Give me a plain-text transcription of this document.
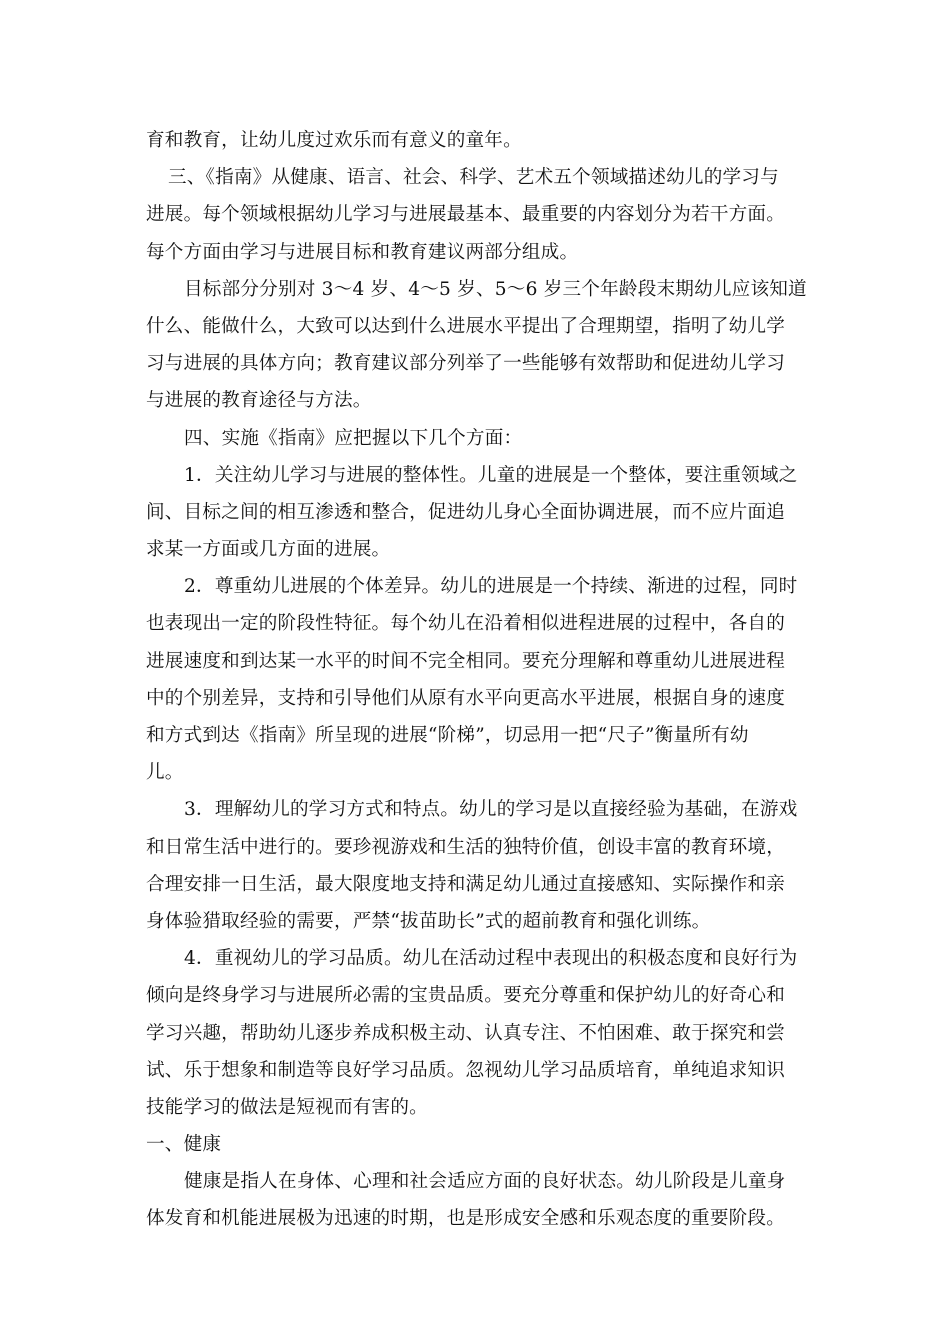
育和教育，让幼儿度过欢乐而有意义的童年。
三、《指南》从健康、语言、社会、科学、艺术五个领域描述幼儿的学习与
进展。每个领域根据幼儿学习与进展最基本、最重要的内容划分为若干方面。
每个方面由学习与进展目标和教育建议两部分组成。
目标部分分别对 3～4 岁、4～5 岁、5～6 岁三个年龄段末期幼儿应该知道
什么、能做什么，大致可以达到什么进展水平提出了合理期望，指明了幼儿学
习与进展的具体方向；教育建议部分列举了一些能够有效帮助和促进幼儿学习
与进展的教育途径与方法。
四、实施《指南》应把握以下几个方面：
1．关注幼儿学习与进展的整体性。儿童的进展是一个整体，要注重领域之
间、目标之间的相互渗透和整合，促进幼儿身心全面协调进展，而不应片面追
求某一方面或几方面的进展。
2．尊重幼儿进展的个体差异。幼儿的进展是一个持续、渐进的过程，同时
也表现出一定的阶段性特征。每个幼儿在沿着相似进程进展的过程中，各自的
进展速度和到达某一水平的时间不完全相同。要充分理解和尊重幼儿进展进程
中的个别差异，支持和引导他们从原有水平向更高水平进展，根据自身的速度
和方式到达《指南》所呈现的进展“阶梯”，切忌用一把“尺子”衡量所有幼
儿。
3．理解幼儿的学习方式和特点。幼儿的学习是以直接经验为基础，在游戏
和日常生活中进行的。要珍视游戏和生活的独特价值，创设丰富的教育环境，
合理安排一日生活，最大限度地支持和满足幼儿通过直接感知、实际操作和亲
身体验猎取经验的需要，严禁“拔苗助长”式的超前教育和强化训练。
4．重视幼儿的学习品质。幼儿在活动过程中表现出的积极态度和良好行为
倾向是终身学习与进展所必需的宝贵品质。要充分尊重和保护幼儿的好奇心和
学习兴趣，帮助幼儿逐步养成积极主动、认真专注、不怕困难、敢于探究和尝
试、乐于想象和制造等良好学习品质。忽视幼儿学习品质培育，单纯追求知识
技能学习的做法是短视而有害的。
一、健康
健康是指人在身体、心理和社会适应方面的良好状态。幼儿阶段是儿童身
体发育和机能进展极为迅速的时期，也是形成安全感和乐观态度的重要阶段。
